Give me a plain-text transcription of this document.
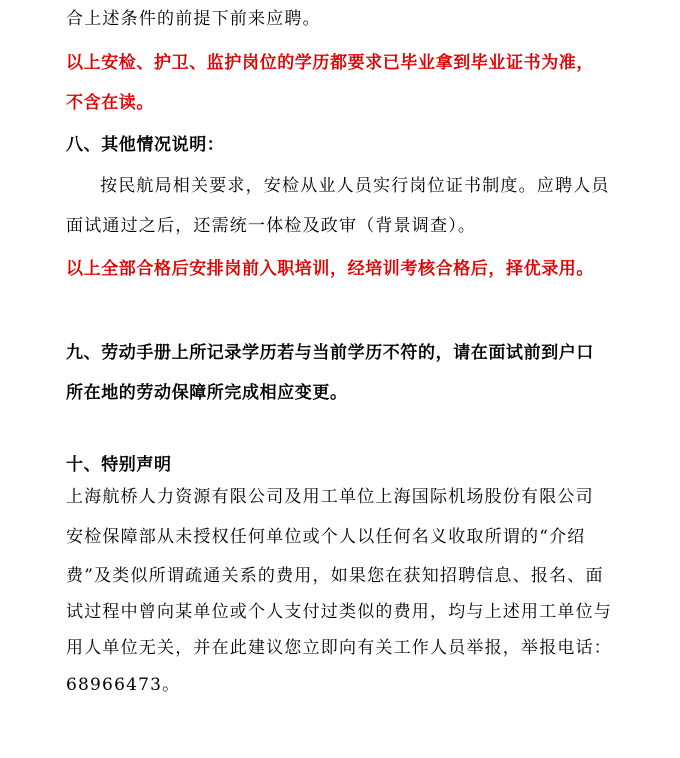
合上述条件的前提下前来应聘。
以上安检、护卫、监护岗位的学历都要求已毕业拿到毕业证书为准，
不含在读。
八、其他情况说明：
按民航局相关要求，安检从业人员实行岗位证书制度。应聘人员
面试通过之后，还需统一体检及政审（背景调查）。
以上全部合格后安排岗前入职培训，经培训考核合格后，择优录用。
九、劳动手册上所记录学历若与当前学历不符的，请在面试前到户口
所在地的劳动保障所完成相应变更。
十、特别声明
上海航桥人力资源有限公司及用工单位上海国际机场股份有限公司
安检保障部从未授权任何单位或个人以任何名义收取所谓的“介绍
费”及类似所谓疏通关系的费用，如果您在获知招聘信息、报名、面
试过程中曾向某单位或个人支付过类似的费用，均与上述用工单位与
用人单位无关，并在此建议您立即向有关工作人员举报，举报电话：
68966473。
